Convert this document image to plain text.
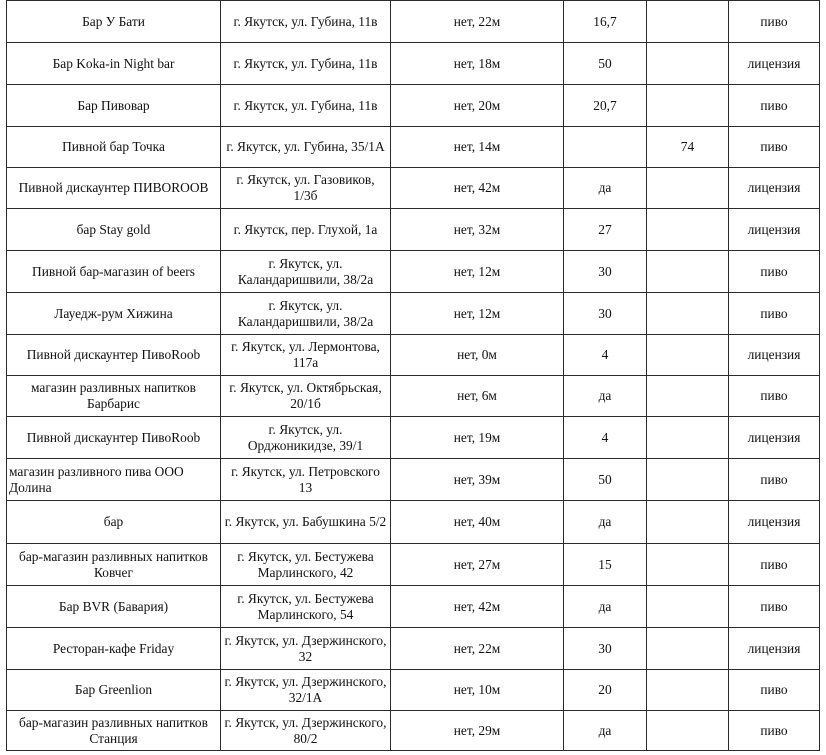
Бар У Бати	г. Якутск, ул. Губина, 11в	нет, 22м	16,7		пиво
Бар Koka-in Night bar	г. Якутск, ул. Губина, 11в	нет, 18м	50		лицензия
Бар Пивовар	г. Якутск, ул. Губина, 11в	нет, 20м	20,7		пиво
Пивной бар Точка	г. Якутск, ул. Губина, 35/1А	нет, 14м		74	пиво
Пивной дискаунтер ПИВОROOB	г. Якутск, ул. Газовиков, 1/3б	нет, 42м	да		лицензия
бар Stay gold	г. Якутск, пер. Глухой, 1а	нет, 32м	27		лицензия
Пивной бар-магазин of beers	г. Якутск, ул. Каландаришвили, 38/2а	нет, 12м	30		пиво
Лауедж-рум Хижина	г. Якутск, ул. Каландаришвили, 38/2а	нет, 12м	30		пиво
Пивной дискаунтер ПивоRoob	г. Якутск, ул. Лермонтова, 117а	нет, 0м	4		лицензия
магазин разливных напитков Барбарис	г. Якутск, ул. Октябрьская, 20/1б	нет, 6м	да		пиво
Пивной дискаунтер ПивоRoob	г. Якутск, ул. Орджоникидзе, 39/1	нет, 19м	4		лицензия
магазин разливного пива ООО Долина	г. Якутск, ул. Петровского 13	нет, 39м	50		пиво
бар	г. Якутск, ул. Бабушкина 5/2	нет, 40м	да		лицензия
бар-магазин разливных напитков Ковчег	г. Якутск, ул. Бестужева Марлинского, 42	нет, 27м	15		пиво
Бар BVR (Бавария)	г. Якутск, ул. Бестужева Марлинского, 54	нет, 42м	да		пиво
Ресторан-кафе Friday	г. Якутск, ул. Дзержинского, 32	нет, 22м	30		лицензия
Бар Greenlion	г. Якутск, ул. Дзержинского, 32/1А	нет, 10м	20		пиво
бар-магазин разливных напитков Станция	г. Якутск, ул. Дзержинского, 80/2	нет, 29м	да		пиво
